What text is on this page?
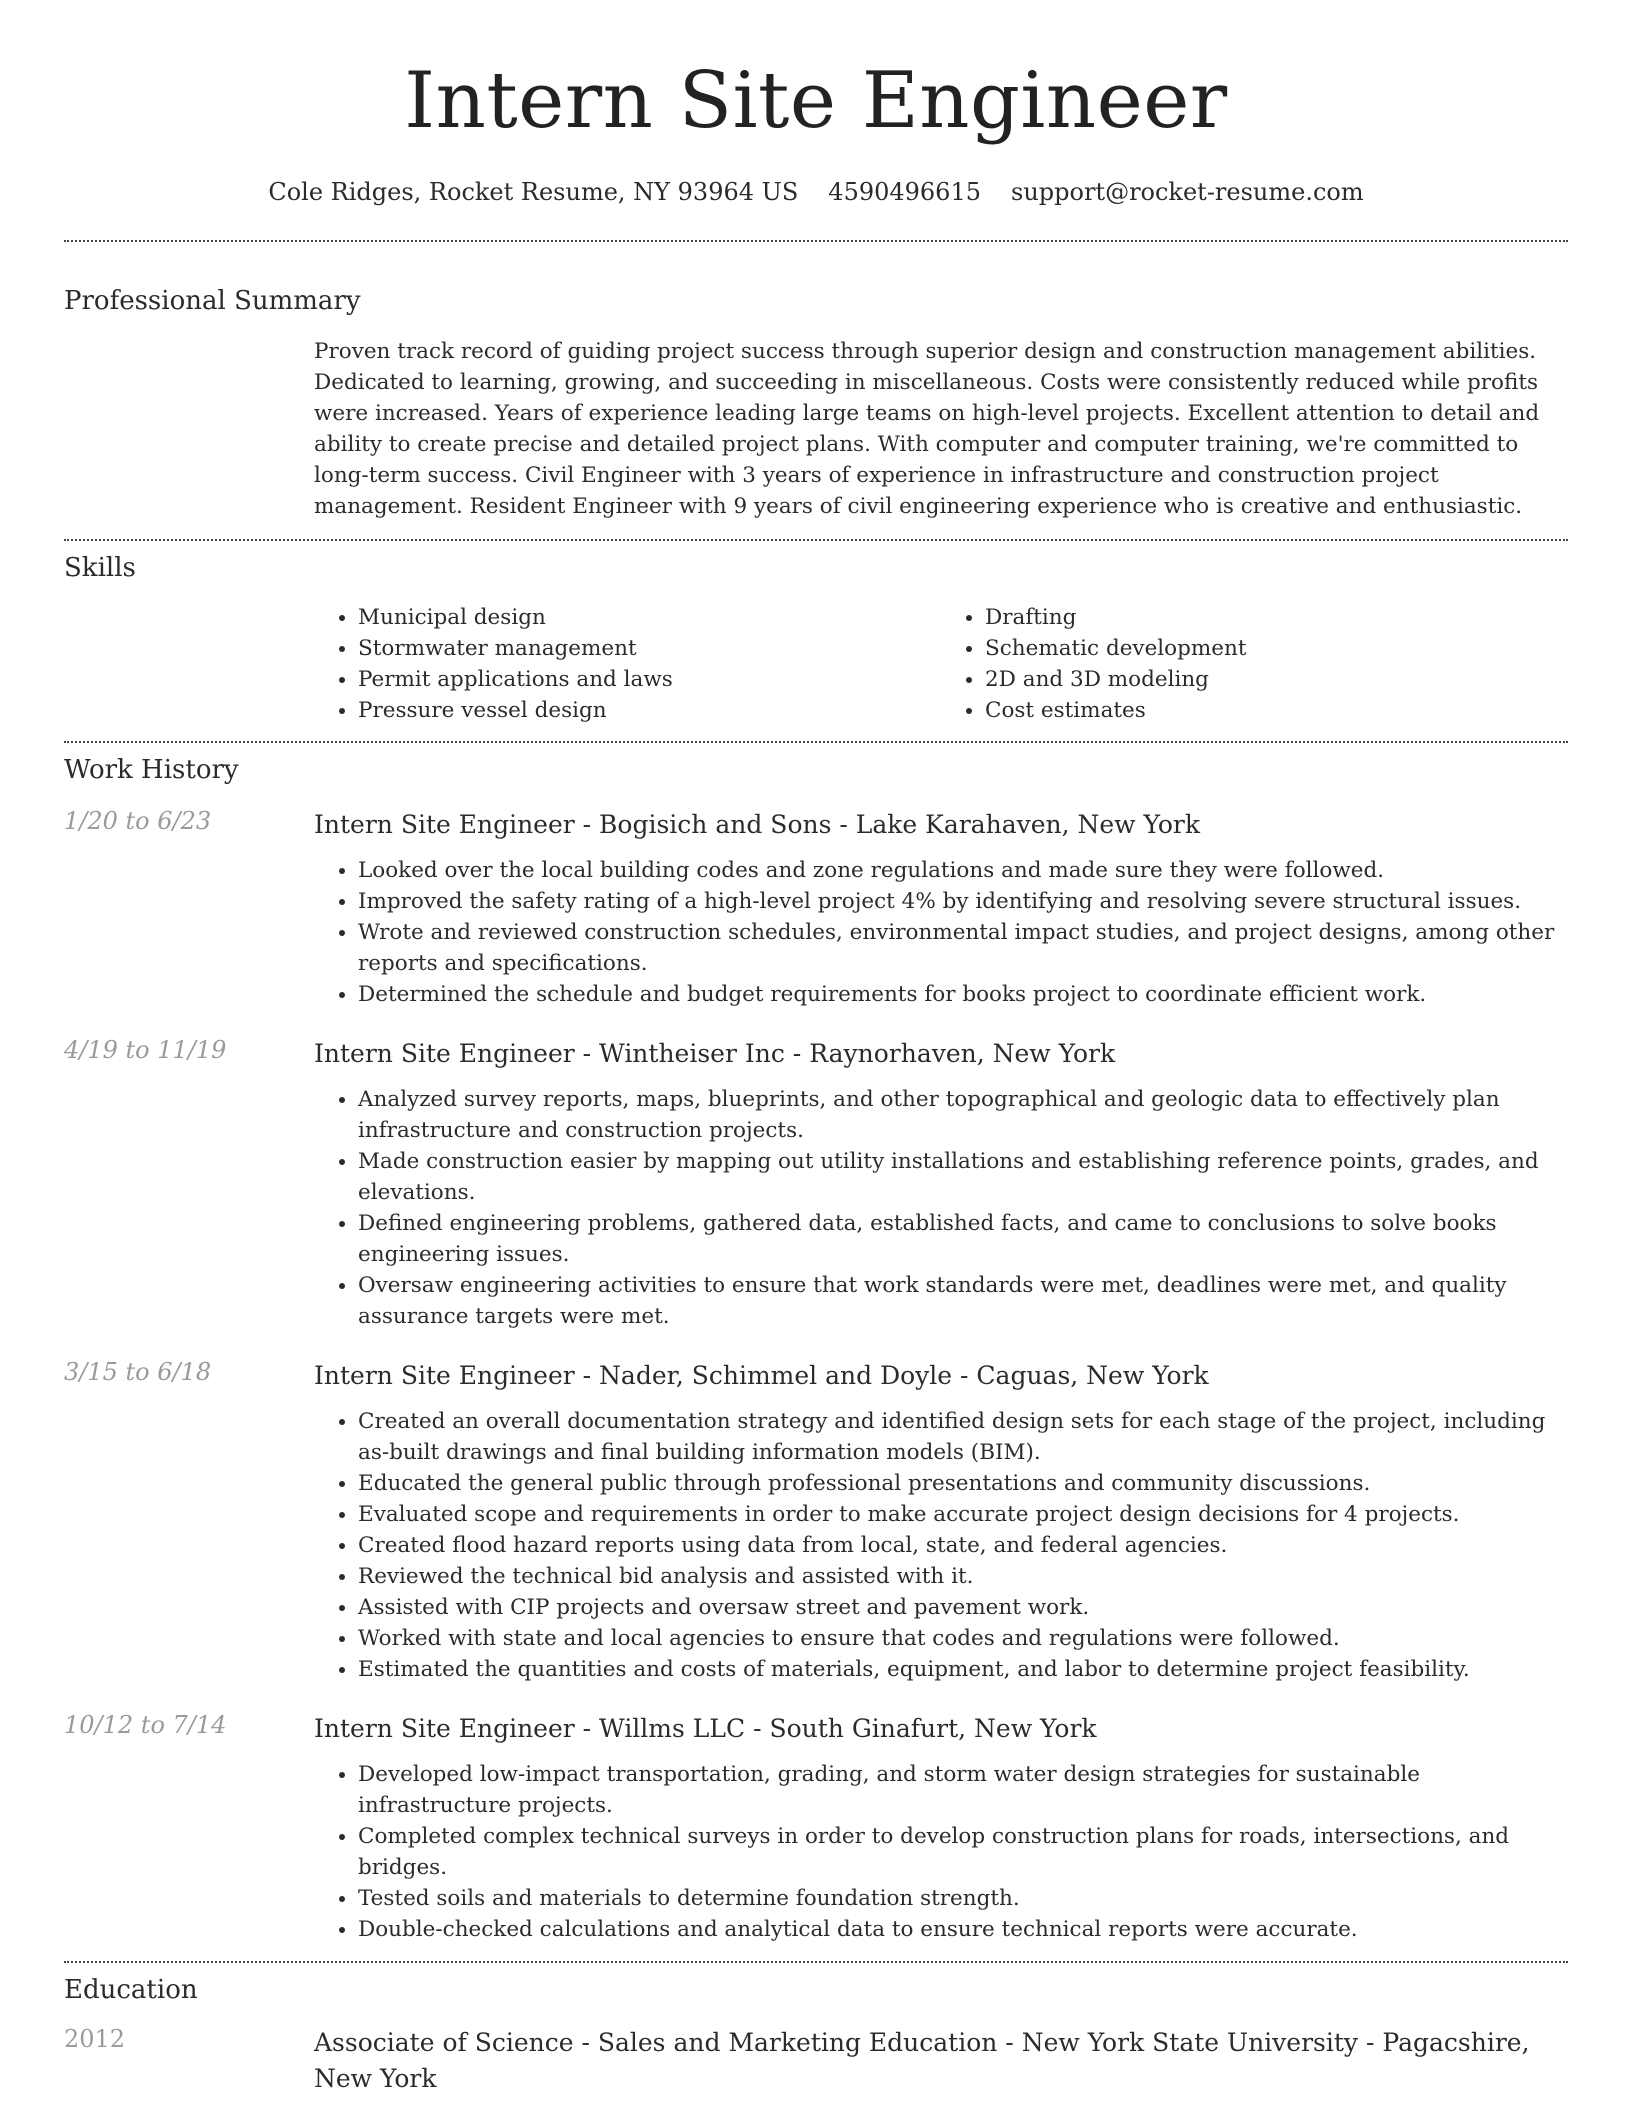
Intern Site Engineer
Cole Ridges, Rocket Resume, NY 93964 US 4590496615 support@rocket-resume.com
Professional Summary

Proven track record of guiding project success through superior design and construction management abilities. Dedicated to learning, growing, and succeeding in miscellaneous. Costs were consistently reduced while profits were increased. Years of experience leading large teams on high-level projects. Excellent attention to detail and ability to create precise and detailed project plans. With computer and computer training, we're committed to long-term success. Civil Engineer with 3 years of experience in infrastructure and construction project management. Resident Engineer with 9 years of civil engineering experience who is creative and enthusiastic.

Skills
• Municipal design
• Stormwater management
• Permit applications and laws
• Pressure vessel design
• Drafting
• Schematic development
• 2D and 3D modeling
• Cost estimates
Work History
1/20 to 6/23	Intern Site Engineer - Bogisich and Sons - Lake Karahaven, New York
• Looked over the local building codes and zone regulations and made sure they were followed.
• Improved the safety rating of a high-level project 4% by identifying and resolving severe structural issues.
• Wrote and reviewed construction schedules, environmental impact studies, and project designs, among other reports and specifications.
• Determined the schedule and budget requirements for books project to coordinate efficient work.
4/19 to 11/19	Intern Site Engineer - Wintheiser Inc - Raynorhaven, New York
• Analyzed survey reports, maps, blueprints, and other topographical and geologic data to effectively plan infrastructure and construction projects.
• Made construction easier by mapping out utility installations and establishing reference points, grades, and elevations.
• Defined engineering problems, gathered data, established facts, and came to conclusions to solve books engineering issues.
• Oversaw engineering activities to ensure that work standards were met, deadlines were met, and quality assurance targets were met.
3/15 to 6/18	Intern Site Engineer - Nader, Schimmel and Doyle - Caguas, New York
• Created an overall documentation strategy and identified design sets for each stage of the project, including as-built drawings and final building information models (BIM).
• Educated the general public through professional presentations and community discussions.
• Evaluated scope and requirements in order to make accurate project design decisions for 4 projects.
• Created flood hazard reports using data from local, state, and federal agencies.
• Reviewed the technical bid analysis and assisted with it.
• Assisted with CIP projects and oversaw street and pavement work.
• Worked with state and local agencies to ensure that codes and regulations were followed.
• Estimated the quantities and costs of materials, equipment, and labor to determine project feasibility.
10/12 to 7/14	Intern Site Engineer - Willms LLC - South Ginafurt, New York
• Developed low-impact transportation, grading, and storm water design strategies for sustainable infrastructure projects.
• Completed complex technical surveys in order to develop construction plans for roads, intersections, and bridges.
• Tested soils and materials to determine foundation strength.
• Double-checked calculations and analytical data to ensure technical reports were accurate.
Education
2012	Associate of Science - Sales and Marketing Education - New York State University - Pagacshire, New York
